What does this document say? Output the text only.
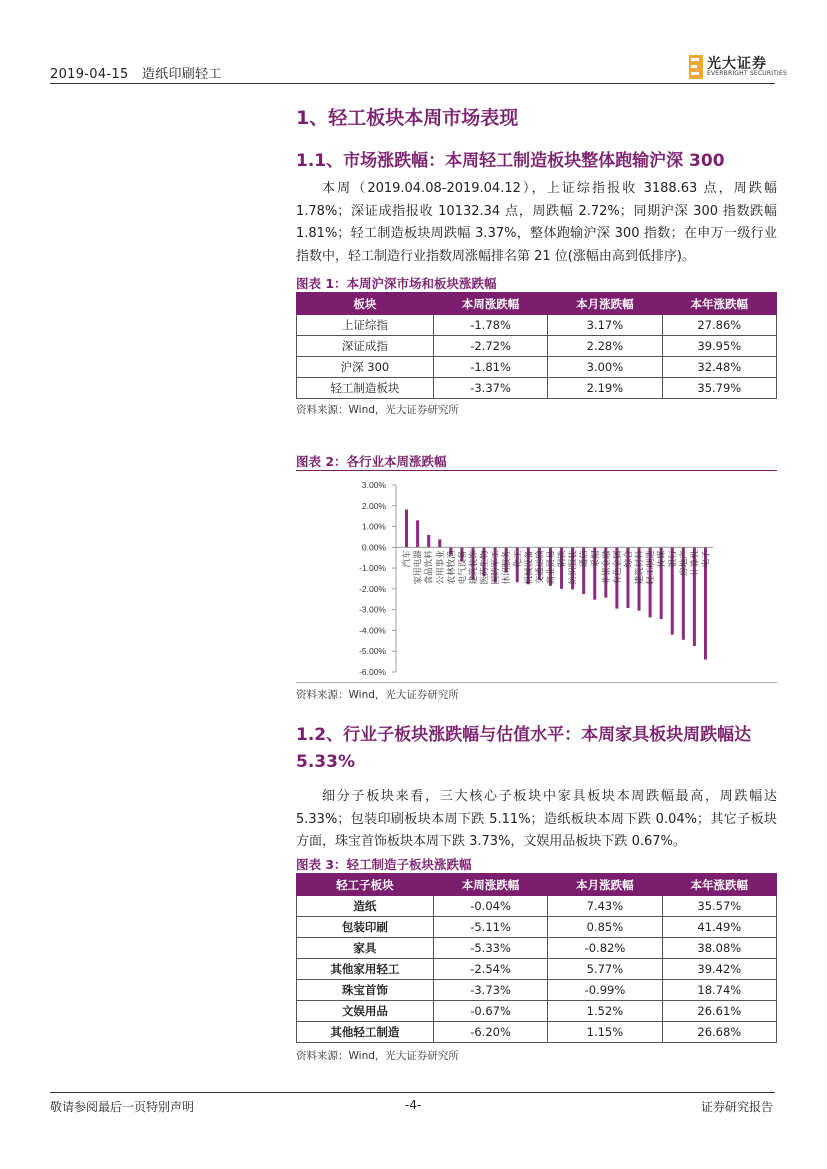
2019-04-15 造纸印刷轻工
光大证券
EVERBRIGHT SECURITIES
1、轻工板块本周市场表现
1.1、市场涨跌幅：本周轻工制造板块整体跑输沪深 300

本周（2019.04.08-2019.04.12），上证综指报收 3188.63 点，周跌幅 1.78%；深证成指报收 10132.34 点，周跌幅 2.72%；同期沪深 300 指数跌幅 1.81%；轻工制造板块周跌幅 3.37%，整体跑输沪深 300 指数；在申万一级行业指数中，轻工制造行业指数周涨幅排名第 21 位(涨幅由高到低排序)。

图表 1：本周沪深市场和板块涨跌幅
板块	本周涨跌幅	本月涨跌幅	本年涨跌幅
上证综指	-1.78%	3.17%	27.86%
深证成指	-2.72%	2.28%	39.95%
沪深 300	-1.81%	3.00%	32.48%
轻工制造板块	-3.37%	2.19%	35.79%
资料来源：Wind，光大证券研究所
图表 2：各行业本周涨跌幅
3.00%
2.00%
1.00%
0.00%
-1.00%
-2.00%
-3.00%
-4.00%
-5.00%
-6.00%
汽车 家用电器 食品饮料 公用事业 农林牧渔 电气设备 建筑装饰 医药生物 国防军工 休闲服务 化工 机械设备 交通运输 商业贸易 钢铁 纺织服装 通信 采掘 非银金融 有色金属 综合 建筑材料 轻工制造 传媒 银行 房地产 计算机 电子
资料来源：Wind，光大证券研究所
1.2、行业子板块涨跌幅与估值水平：本周家具板块周跌幅达 5.33%

细分子板块来看，三大核心子板块中家具板块本周跌幅最高，周跌幅达 5.33%；包装印刷板块本周下跌 5.11%；造纸板块本周下跌 0.04%；其它子板块方面，珠宝首饰板块本周下跌 3.73%，文娱用品板块下跌 0.67%。

图表 3：轻工制造子板块涨跌幅
轻工子板块	本周涨跌幅	本月涨跌幅	本年涨跌幅
造纸	-0.04%	7.43%	35.57%
包装印刷	-5.11%	0.85%	41.49%
家具	-5.33%	-0.82%	38.08%
其他家用轻工	-2.54%	5.77%	39.42%
珠宝首饰	-3.73%	-0.99%	18.74%
文娱用品	-0.67%	1.52%	26.61%
其他轻工制造	-6.20%	1.15%	26.68%
资料来源：Wind，光大证券研究所
敬请参阅最后一页特别声明	-4-	证券研究报告
